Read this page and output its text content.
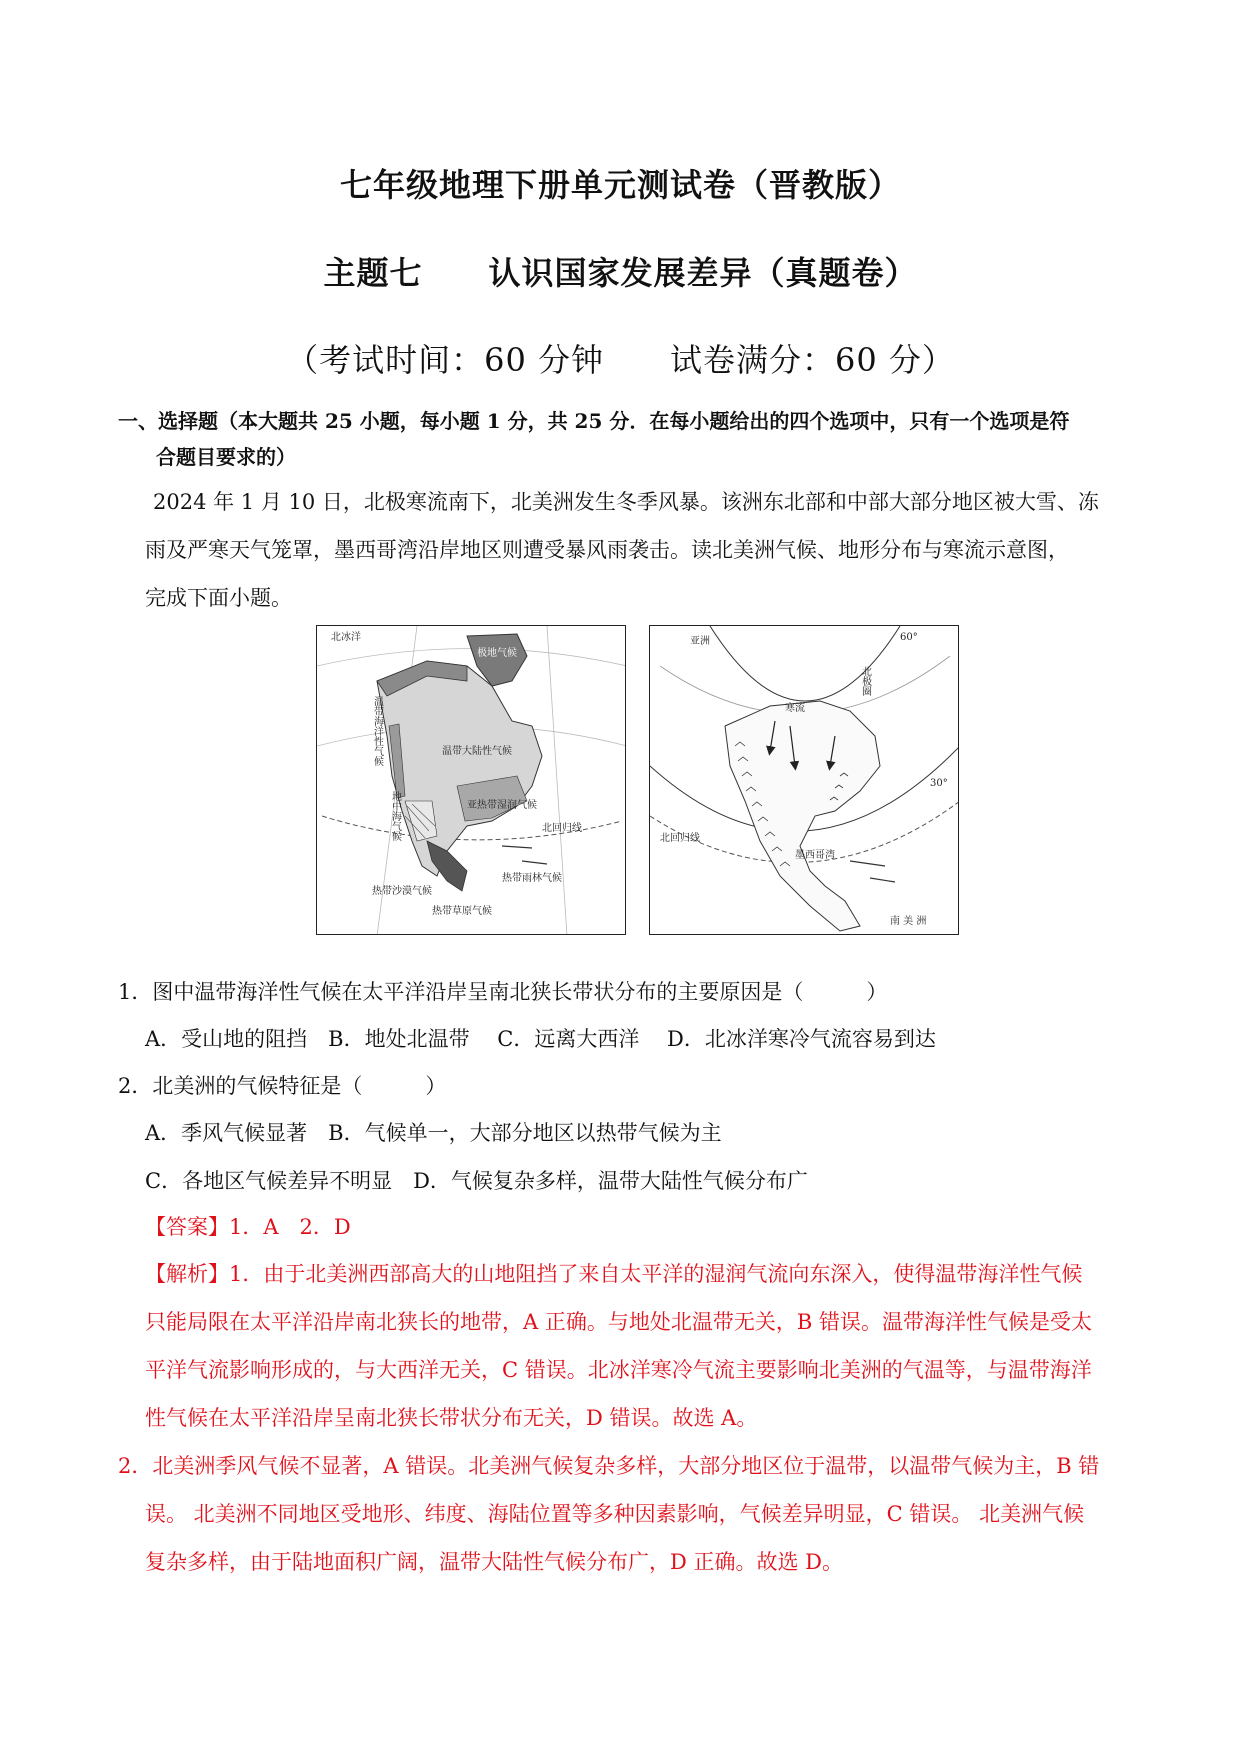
七年级地理下册单元测试卷（晋教版）
主题七　　认识国家发展差异（真题卷）
（考试时间：60 分钟　　试卷满分：60 分）
一、选择题（本大题共 25 小题，每小题 1 分，共 25 分．在每小题给出的四个选项中，只有一个选项是符
合题目要求的）
2024 年 1 月 10 日，北极寒流南下，北美洲发生冬季风暴。该洲东北部和中部大部分地区被大雪、冻
雨及严寒天气笼罩，墨西哥湾沿岸地区则遭受暴风雨袭击。读北美洲气候、地形分布与寒流示意图，
完成下面小题。
北冰洋
极地气候
温带大陆性气候
亚热带湿润气候
北回归线
热带雨林气候
热带沙漠气候
热带草原气候
温带海洋性气候
地中海气候
亚洲	60°
北极圈
寒流
30°
北回归线
墨西哥湾
南 美 洲
1．图中温带海洋性气候在太平洋沿岸呈南北狭长带状分布的主要原因是（　　　）
A．受山地的阻挡　B．地处北温带　 C．远离大西洋　 D．北冰洋寒冷气流容易到达
2．北美洲的气候特征是（　　　）
A．季风气候显著　B．气候单一，大部分地区以热带气候为主
C．各地区气候差异不明显　D．气候复杂多样，温带大陆性气候分布广
【答案】1．A　2．D
【解析】1．由于北美洲西部高大的山地阻挡了来自太平洋的湿润气流向东深入，使得温带海洋性气候
只能局限在太平洋沿岸南北狭长的地带，A 正确。与地处北温带无关，B 错误。温带海洋性气候是受太
平洋气流影响形成的，与大西洋无关，C 错误。北冰洋寒冷气流主要影响北美洲的气温等，与温带海洋
性气候在太平洋沿岸呈南北狭长带状分布无关，D 错误。故选 A。
2．北美洲季风气候不显著，A 错误。北美洲气候复杂多样，大部分地区位于温带，以温带气候为主，B 错
误。 北美洲不同地区受地形、纬度、海陆位置等多种因素影响，气候差异明显，C 错误。 北美洲气候
复杂多样，由于陆地面积广阔，温带大陆性气候分布广，D 正确。故选 D。
